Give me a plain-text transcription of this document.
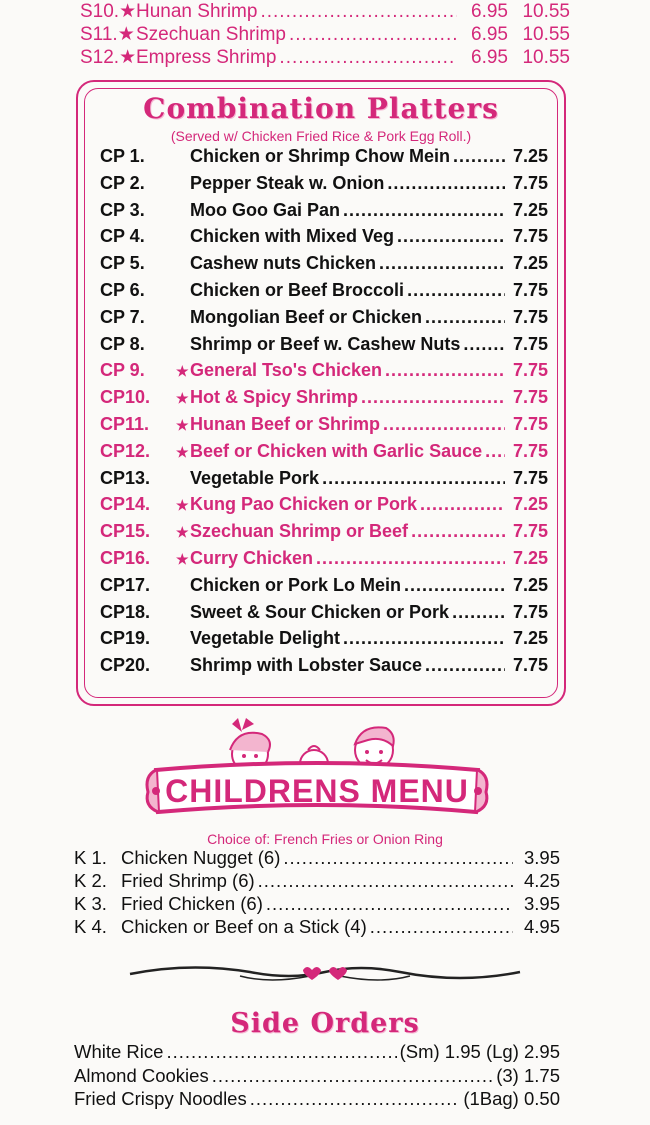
S10.★ Hunan Shrimp .....	6.95 10.55
S11.★ Szechuan Shrimp .....	6.95 10.55
S12.★ Empress Shrimp .....	6.95 10.55
Combination Platters
(Served w/ Chicken Fried Rice & Pork Egg Roll.)
CP 1.	Chicken or Shrimp Chow Mein .....	7.25
CP 2.	Pepper Steak w. Onion .....	7.75
CP 3.	Moo Goo Gai Pan .....	7.25
CP 4.	Chicken with Mixed Veg .....	7.75
CP 5.	Cashew nuts Chicken .....	7.25
CP 6.	Chicken or Beef Broccoli .....	7.75
CP 7.	Mongolian Beef or Chicken .....	7.75
CP 8.	Shrimp or Beef w. Cashew Nuts .....	7.75
CP 9.	★ General Tso's Chicken .....	7.75
CP10.	★ Hot & Spicy Shrimp .....	7.75
CP11.	★ Hunan Beef or Shrimp .....	7.75
CP12.	★ Beef or Chicken with Garlic Sauce ..... 7.75
CP13.	Vegetable Pork .....	7.75
CP14.	★ Kung Pao Chicken or Pork .....	7.25
CP15.	★ Szechuan Shrimp or Beef .....	7.75
CP16.	★ Curry Chicken .....	7.25
CP17.	Chicken or Pork Lo Mein .....	7.25
CP18.	Sweet & Sour Chicken or Pork .....	7.75
CP19.	Vegetable Delight .....	7.25
CP20.	Shrimp with Lobster Sauce .....	7.75
CHILDRENS MENU
Choice of: French Fries or Onion Ring
K 1. Chicken Nugget (6) .....	3.95
K 2. Fried Shrimp (6) .....	4.25
K 3. Fried Chicken (6) .....	3.95
K 4. Chicken or Beef on a Stick (4) .....	4.95
Side Orders
White Rice .....	(Sm) 1.95 (Lg) 2.95
Almond Cookies .....	(3) 1.75
Fried Crispy Noodles .....	(1Bag) 0.50
